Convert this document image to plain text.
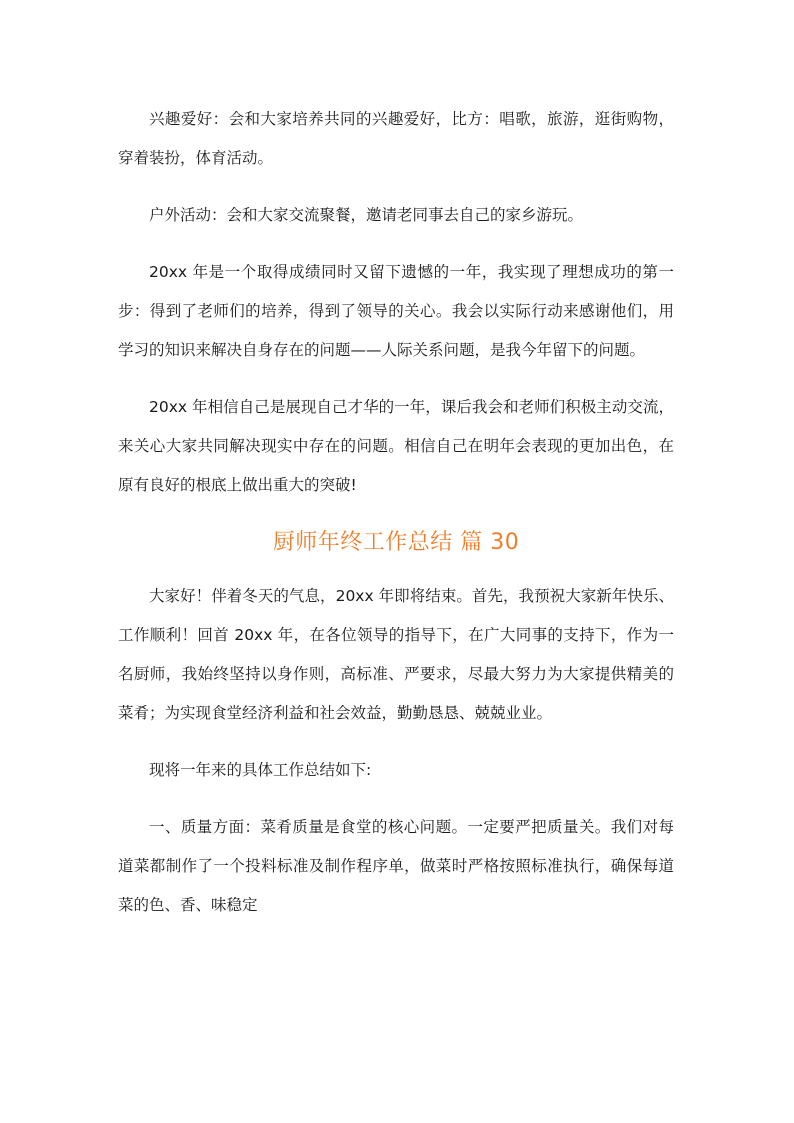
兴趣爱好：会和大家培养共同的兴趣爱好，比方：唱歌，旅游，逛街购物，穿着装扮，体育活动。

户外活动：会和大家交流聚餐，邀请老同事去自己的家乡游玩。

20xx 年是一个取得成绩同时又留下遗憾的一年，我实现了理想成功的第一步：得到了老师们的培养，得到了领导的关心。我会以实际行动来感谢他们，用学习的知识来解决自身存在的问题——人际关系问题，是我今年留下的问题。

20xx 年相信自己是展现自己才华的一年，课后我会和老师们积极主动交流，来关心大家共同解决现实中存在的问题。相信自己在明年会表现的更加出色，在原有良好的根底上做出重大的突破!

厨师年终工作总结 篇 30

大家好！伴着冬天的气息，20xx 年即将结束。首先，我预祝大家新年快乐、工作顺利！回首 20xx 年，在各位领导的指导下，在广大同事的支持下，作为一名厨师，我始终坚持以身作则，高标准、严要求，尽最大努力为大家提供精美的菜肴；为实现食堂经济利益和社会效益，勤勤恳恳、兢兢业业。

现将一年来的具体工作总结如下:

一、质量方面：菜肴质量是食堂的核心问题。一定要严把质量关。我们对每道菜都制作了一个投料标准及制作程序单，做菜时严格按照标准执行，确保每道菜的色、香、味稳定
